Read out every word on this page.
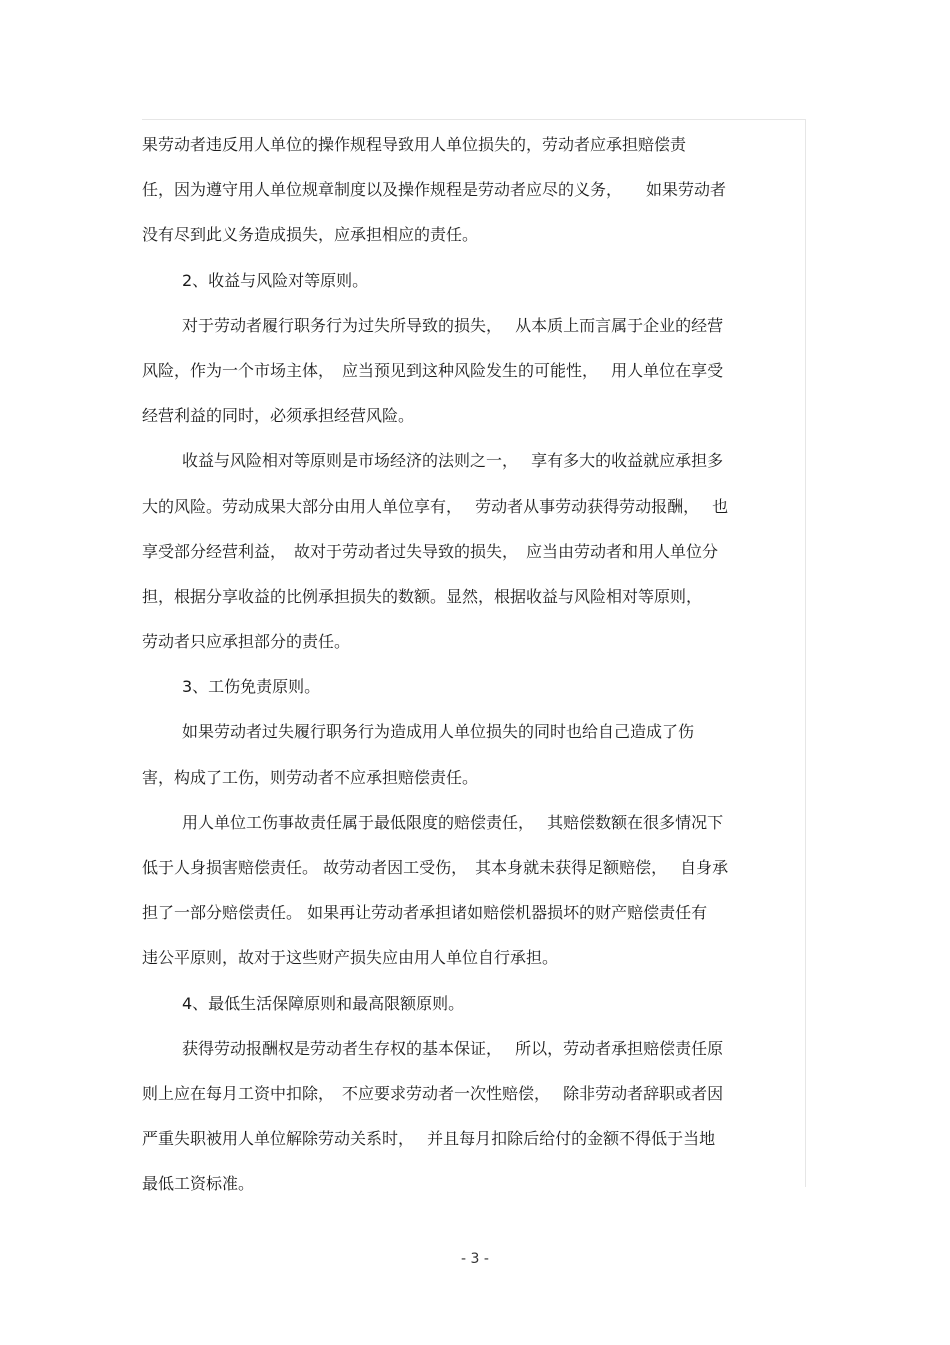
果劳动者违反用人单位的操作规程导致用人单位损失的，劳动者应承担赔偿责
任，因为遵守用人单位规章制度以及操作规程是劳动者应尽的义务，　　如果劳动者
没有尽到此义务造成损失，应承担相应的责任。
2、收益与风险对等原则。
对于劳动者履行职务行为过失所导致的损失，　 从本质上而言属于企业的经营
风险，作为一个市场主体，　应当预见到这种风险发生的可能性，　 用人单位在享受
经营利益的同时，必须承担经营风险。
收益与风险相对等原则是市场经济的法则之一，　 享有多大的收益就应承担多
大的风险。劳动成果大部分由用人单位享有，　 劳动者从事劳动获得劳动报酬，　 也
享受部分经营利益，　故对于劳动者过失导致的损失，　应当由劳动者和用人单位分
担，根据分享收益的比例承担损失的数额。显然，根据收益与风险相对等原则，
劳动者只应承担部分的责任。
3、工伤免责原则。
如果劳动者过失履行职务行为造成用人单位损失的同时也给自己造成了伤
害，构成了工伤，则劳动者不应承担赔偿责任。
用人单位工伤事故责任属于最低限度的赔偿责任，　 其赔偿数额在很多情况下
低于人身损害赔偿责任。 故劳动者因工受伤，　其本身就未获得足额赔偿，　 自身承
担了一部分赔偿责任。 如果再让劳动者承担诸如赔偿机器损坏的财产赔偿责任有
违公平原则，故对于这些财产损失应由用人单位自行承担。
4、最低生活保障原则和最高限额原则。
获得劳动报酬权是劳动者生存权的基本保证，　 所以，劳动者承担赔偿责任原
则上应在每月工资中扣除，　不应要求劳动者一次性赔偿，　 除非劳动者辞职或者因
严重失职被用人单位解除劳动关系时，　 并且每月扣除后给付的金额不得低于当地
最低工资标准。
- 3 -
